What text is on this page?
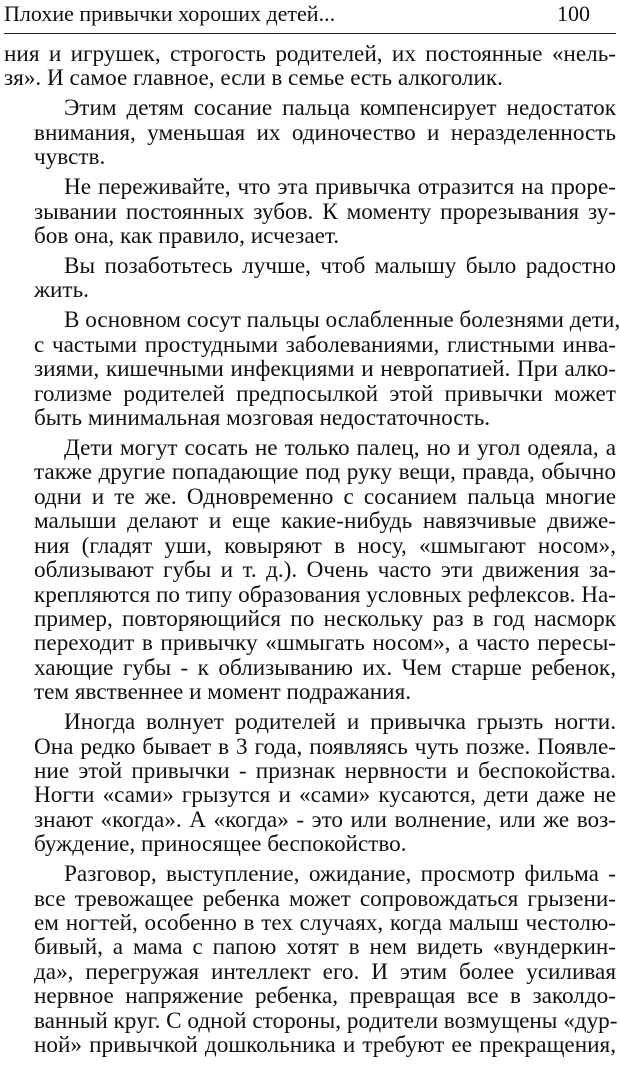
Плохие привычки хороших детей...	100
ния и игрушек, строгость родителей, их постоянные «нель-
зя». И самое главное, если в семье есть алкоголик.
Этим детям сосание пальца компенсирует недостаток
внимания, уменьшая их одиночество и неразделенность
чувств.
Не переживайте, что эта привычка отразится на проре-
зывании постоянных зубов. К моменту прорезывания зу-
бов она, как правило, исчезает.
Вы позаботьтесь лучше, чтоб малышу было радостно
жить.
В основном сосут пальцы ослабленные болезнями дети,
с частыми простудными заболеваниями, глистными инва-
зиями, кишечными инфекциями и невропатией. При алко-
голизме родителей предпосылкой этой привычки может
быть минимальная мозговая недостаточность.
Дети могут сосать не только палец, но и угол одеяла, а
также другие попадающие под руку вещи, правда, обычно
одни и те же. Одновременно с сосанием пальца многие
малыши делают и еще какие-нибудь навязчивые движе-
ния (гладят уши, ковыряют в носу, «шмыгают носом»,
облизывают губы и т. д.). Очень часто эти движения за-
крепляются по типу образования условных рефлексов. На-
пример, повторяющийся по нескольку раз в год насморк
переходит в привычку «шмыгать носом», а часто пересы-
хающие губы - к облизыванию их. Чем старше ребенок,
тем явственнее и момент подражания.
Иногда волнует родителей и привычка грызть ногти.
Она редко бывает в 3 года, появляясь чуть позже. Появле-
ние этой привычки - признак нервности и беспокойства.
Ногти «сами» грызутся и «сами» кусаются, дети даже не
знают «когда». А «когда» - это или волнение, или же воз-
буждение, приносящее беспокойство.
Разговор, выступление, ожидание, просмотр фильма -
все тревожащее ребенка может сопровождаться грызени-
ем ногтей, особенно в тех случаях, когда малыш честолю-
бивый, а мама с папою хотят в нем видеть «вундеркин-
да», перегружая интеллект его. И этим более усиливая
нервное напряжение ребенка, превращая все в заколдо-
ванный круг. С одной стороны, родители возмущены «дур-
ной» привычкой дошкольника и требуют ее прекращения,
